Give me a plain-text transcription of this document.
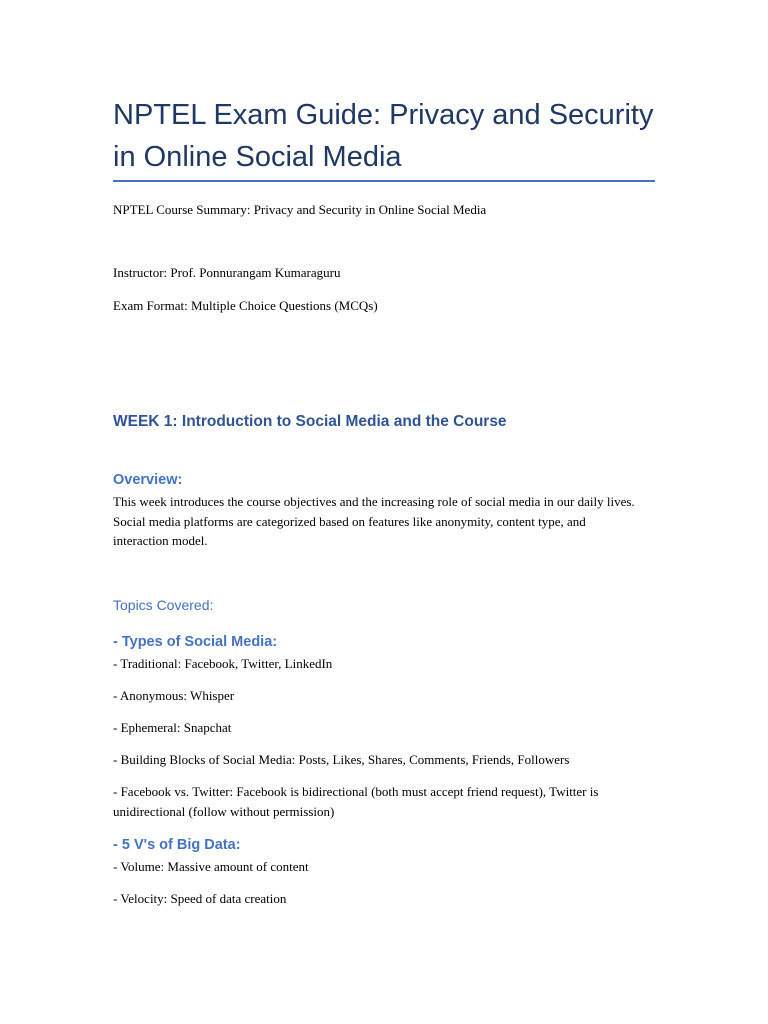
NPTEL Exam Guide: Privacy and Security in Online Social Media

NPTEL Course Summary: Privacy and Security in Online Social Media

Instructor: Prof. Ponnurangam Kumaraguru

Exam Format: Multiple Choice Questions (MCQs)

WEEK 1: Introduction to Social Media and the Course
Overview:

This week introduces the course objectives and the increasing role of social media in our daily lives. Social media platforms are categorized based on features like anonymity, content type, and interaction model.

Topics Covered:
- Types of Social Media:

- Traditional: Facebook, Twitter, LinkedIn

- Anonymous: Whisper

- Ephemeral: Snapchat

- Building Blocks of Social Media: Posts, Likes, Shares, Comments, Friends, Followers

- Facebook vs. Twitter: Facebook is bidirectional (both must accept friend request), Twitter is unidirectional (follow without permission)

- 5 V's of Big Data:

- Volume: Massive amount of content

- Velocity: Speed of data creation
